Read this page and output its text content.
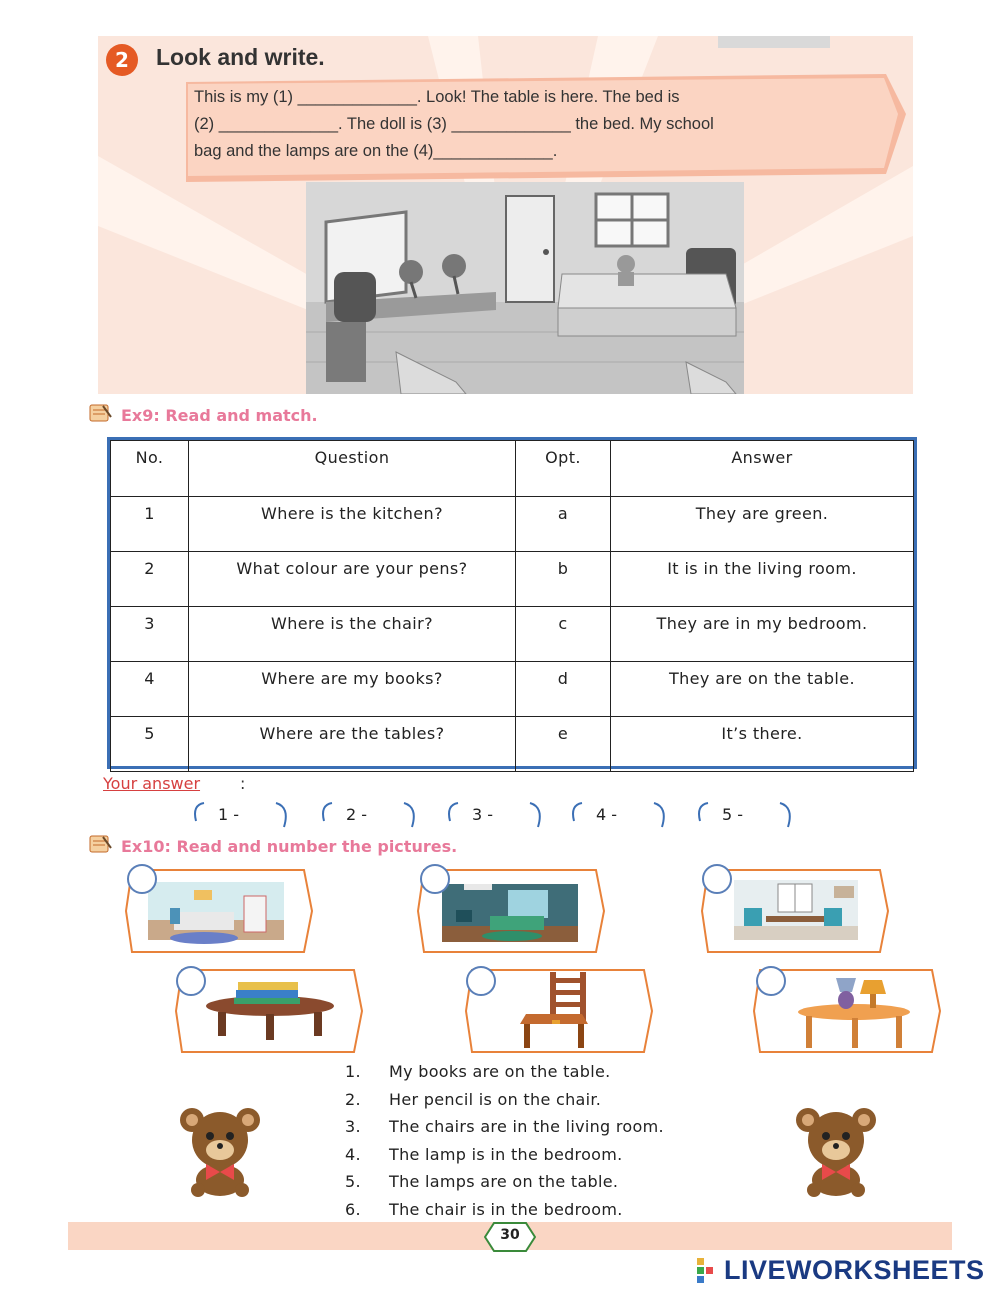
2	Look and write.
This is my (1) _____________. Look! The table is here. The bed is
(2) _____________. The doll is (3) _____________ the bed. My school
bag and the lamps are on the (4)_____________.
Ex9: Read and match.
No.	Question	Opt.	Answer
1	Where is the kitchen?	a	They are green.
2	What colour are your pens?	b	It is in the living room.
3	Where is the chair?	c	They are in my bedroom.
4	Where are my books?	d	They are on the table.
5	Where are the tables?	e	It’s there.
Your answer :
1 -	2 -	3 -	4 -	5 -
Ex10: Read and number the pictures.
1. My books are on the table.
2. Her pencil is on the chair.
3. The chairs are in the living room.
4. The lamp is in the bedroom.
5. The lamps are on the table.
6. The chair is in the bedroom.
30
LIVEWORKSHEETS
